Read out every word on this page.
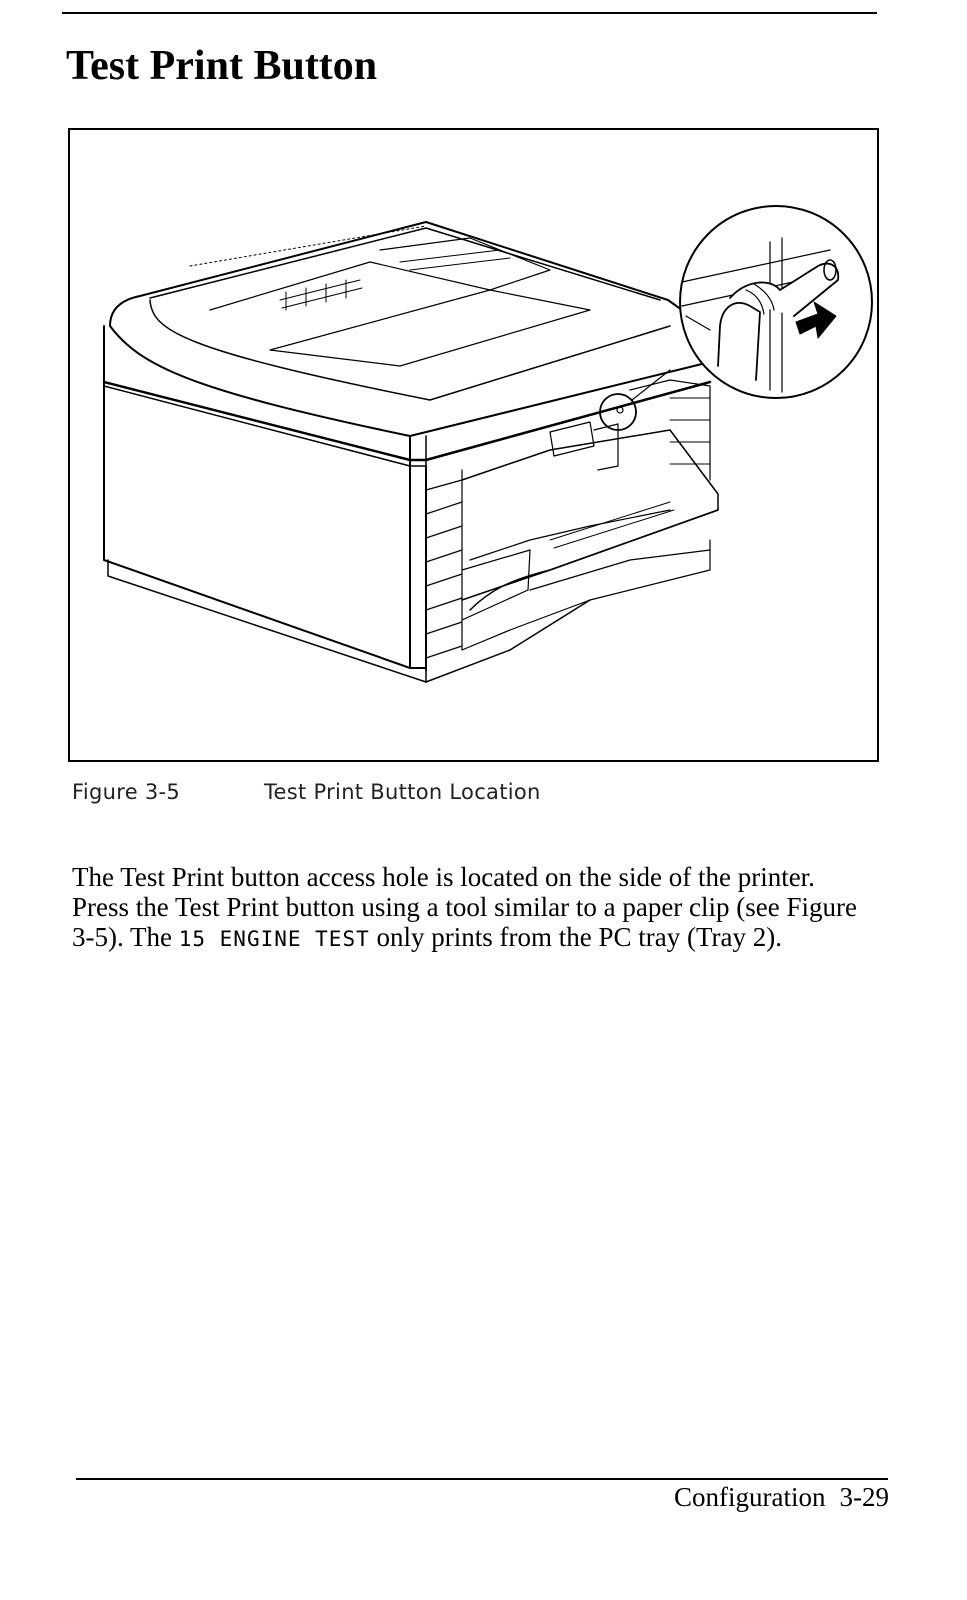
Test Print Button
Figure 3-5	Test Print Button Location

The Test Print button access hole is located on the side of the printer. Press the Test Print button using a tool similar to a paper clip (see Figure 3-5). The 15 ENGINE TEST only prints from the PC tray (Tray 2).

Configuration 3-29
